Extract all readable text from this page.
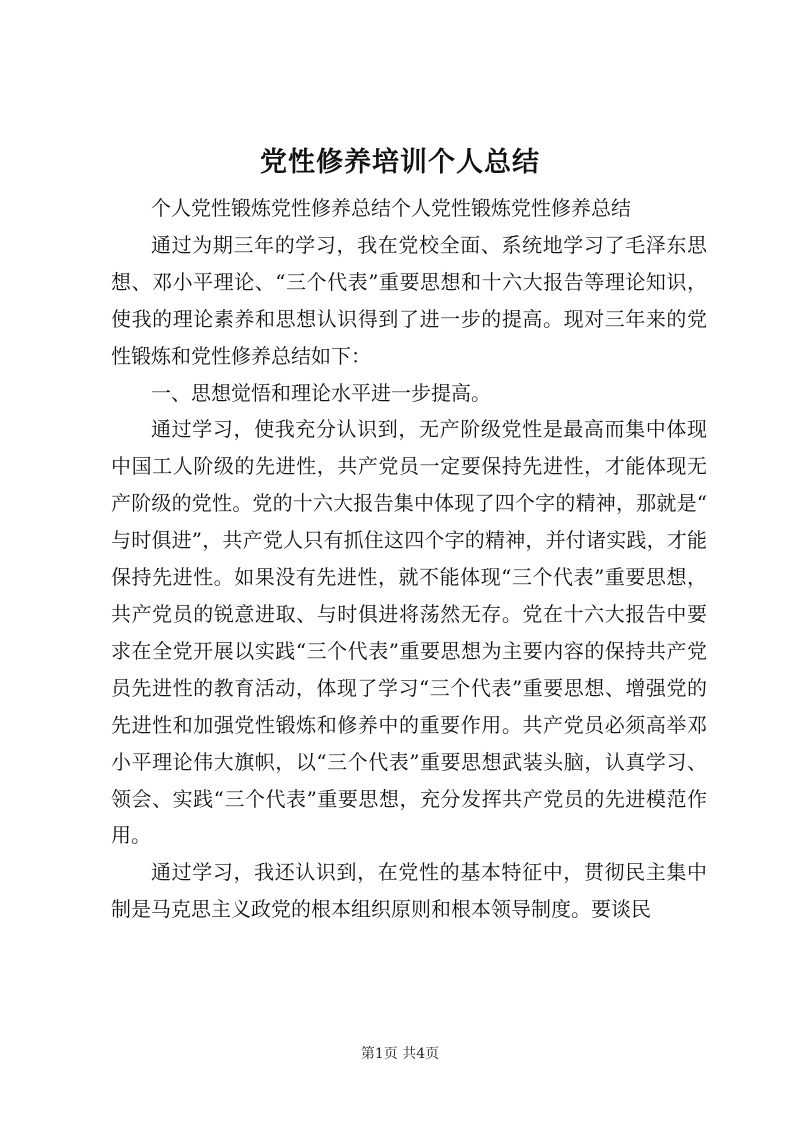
党性修养培训个人总结

个人党性锻炼党性修养总结个人党性锻炼党性修养总结

通过为期三年的学习，我在党校全面、系统地学习了毛泽东思想、邓小平理论、“三个代表”重要思想和十六大报告等理论知识，使我的理论素养和思想认识得到了进一步的提高。现对三年来的党性锻炼和党性修养总结如下：

一、思想觉悟和理论水平进一步提高。

通过学习，使我充分认识到，无产阶级党性是最高而集中体现中国工人阶级的先进性，共产党员一定要保持先进性，才能体现无产阶级的党性。党的十六大报告集中体现了四个字的精神，那就是“与时俱进”，共产党人只有抓住这四个字的精神，并付诸实践，才能保持先进性。如果没有先进性，就不能体现“三个代表”重要思想，共产党员的锐意进取、与时俱进将荡然无存。党在十六大报告中要求在全党开展以实践“三个代表”重要思想为主要内容的保持共产党员先进性的教育活动，体现了学习“三个代表”重要思想、增强党的先进性和加强党性锻炼和修养中的重要作用。共产党员必须高举邓小平理论伟大旗帜，以“三个代表”重要思想武装头脑，认真学习、领会、实践“三个代表”重要思想，充分发挥共产党员的先进模范作用。

通过学习，我还认识到，在党性的基本特征中，贯彻民主集中制是马克思主义政党的根本组织原则和根本领导制度。要谈民

第1页 共4页
